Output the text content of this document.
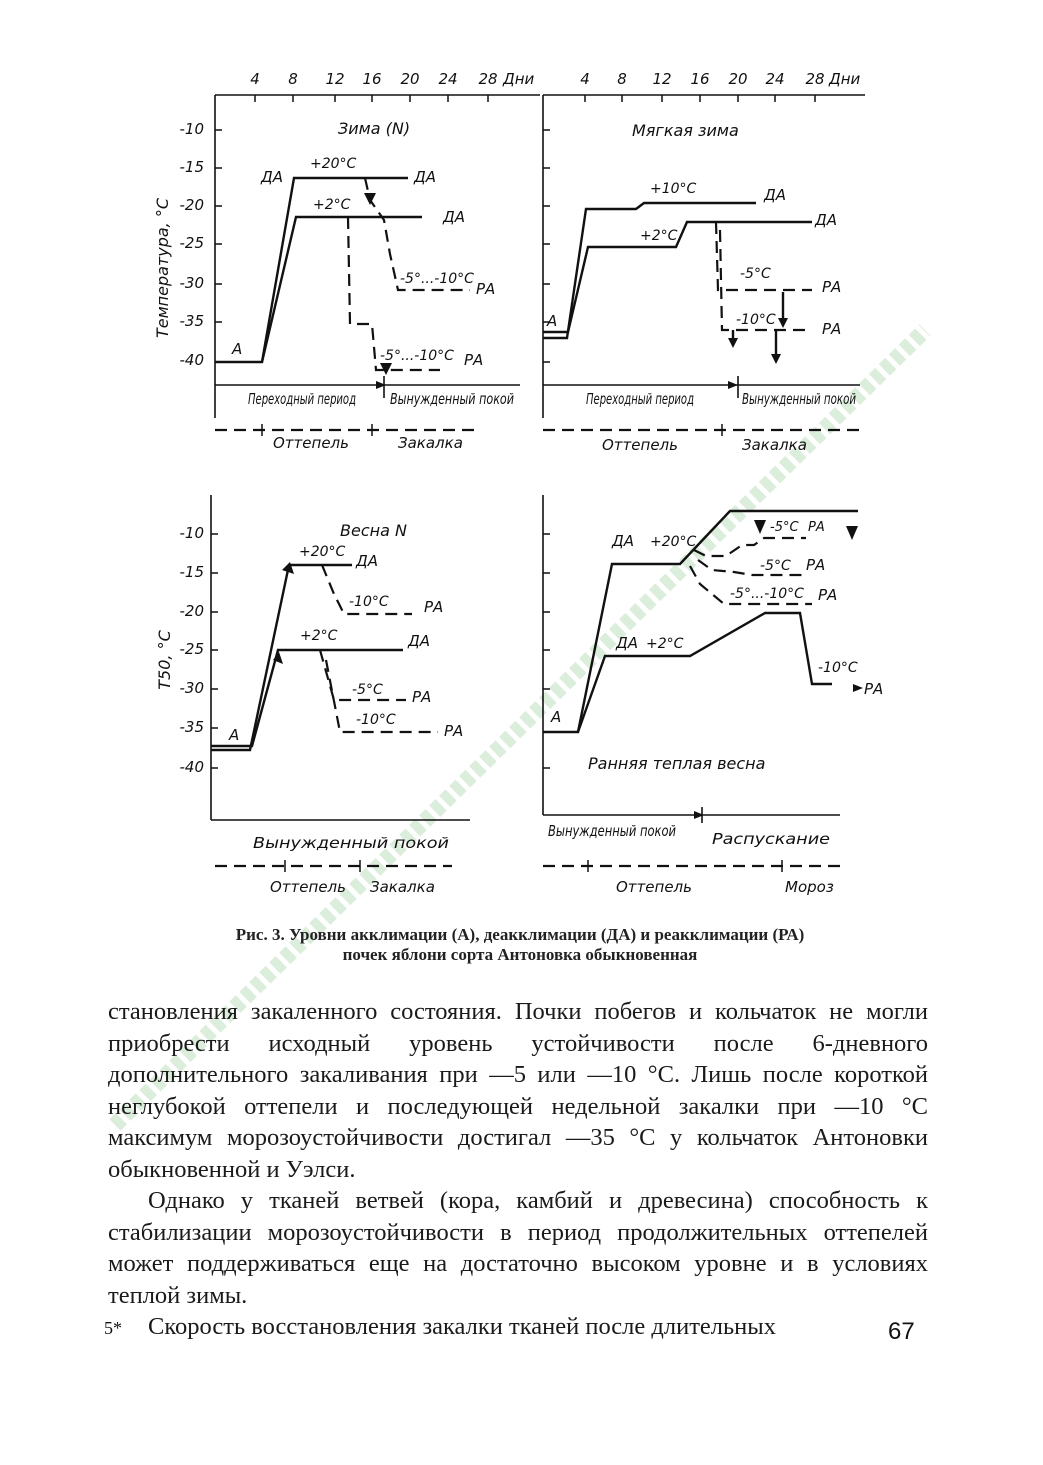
4 8 12 16 20 24 28 Дни
-10
-15
-20
-25
-30
-35
-40
Температура, °С
Зима (N)
А
ДА	ДА
ДА
+20°С
+2°С
-5°...-10°С
РА
-5°...-10°С РА
Переходный период Вынужденный покой
Оттепель	Закалка
4 8 12 16 20 24 28 Дни
Мягкая зима
А
ДА
ДА
+10°С
+2°С
-5°С
РА
-10°С	РА
Переходный период	Вынужденный покой
Оттепель	Закалка
-10
-15
-20
-25
-30
-35
-40
Т50, °С
Весна N
А
ДА
ДА
+20°С
+2°С
-10°С РА
-5°С РА
-10°С
РА
Вынужденный покой
Оттепель Закалка
Ранняя теплая весна
А
ДА
ДА
+20°С
+2°С
-5°С РА
-5°С РА
-5°...-10°С РА
-10°С
РА
Вынужденный покой Распускание
Оттепель	Мороз
Рис. 3. Уровни акклимации (А), деакклимации (ДА) и реакклимации (РА)
почек яблони сорта Антоновка обыкновенная

становления закаленного состояния. Почки побегов и кольчаток не могли приобрести исходный уровень устойчивости после 6-дневного дополнительного закаливания при —5 или —10 °С. Лишь после короткой неглубокой оттепели и последующей недельной закалки при —10 °С максимум морозоустойчивости достигал —35 °С у кольчаток Антоновки обыкновенной и Уэлси.

Однако у тканей ветвей (кора, камбий и древесина) способность к стабилизации морозоустойчивости в период продолжительных оттепелей может поддерживаться еще на достаточно высоком уровне и в условиях теплой зимы.

Скорость восстановления закалки тканей после длительных

5*	67
